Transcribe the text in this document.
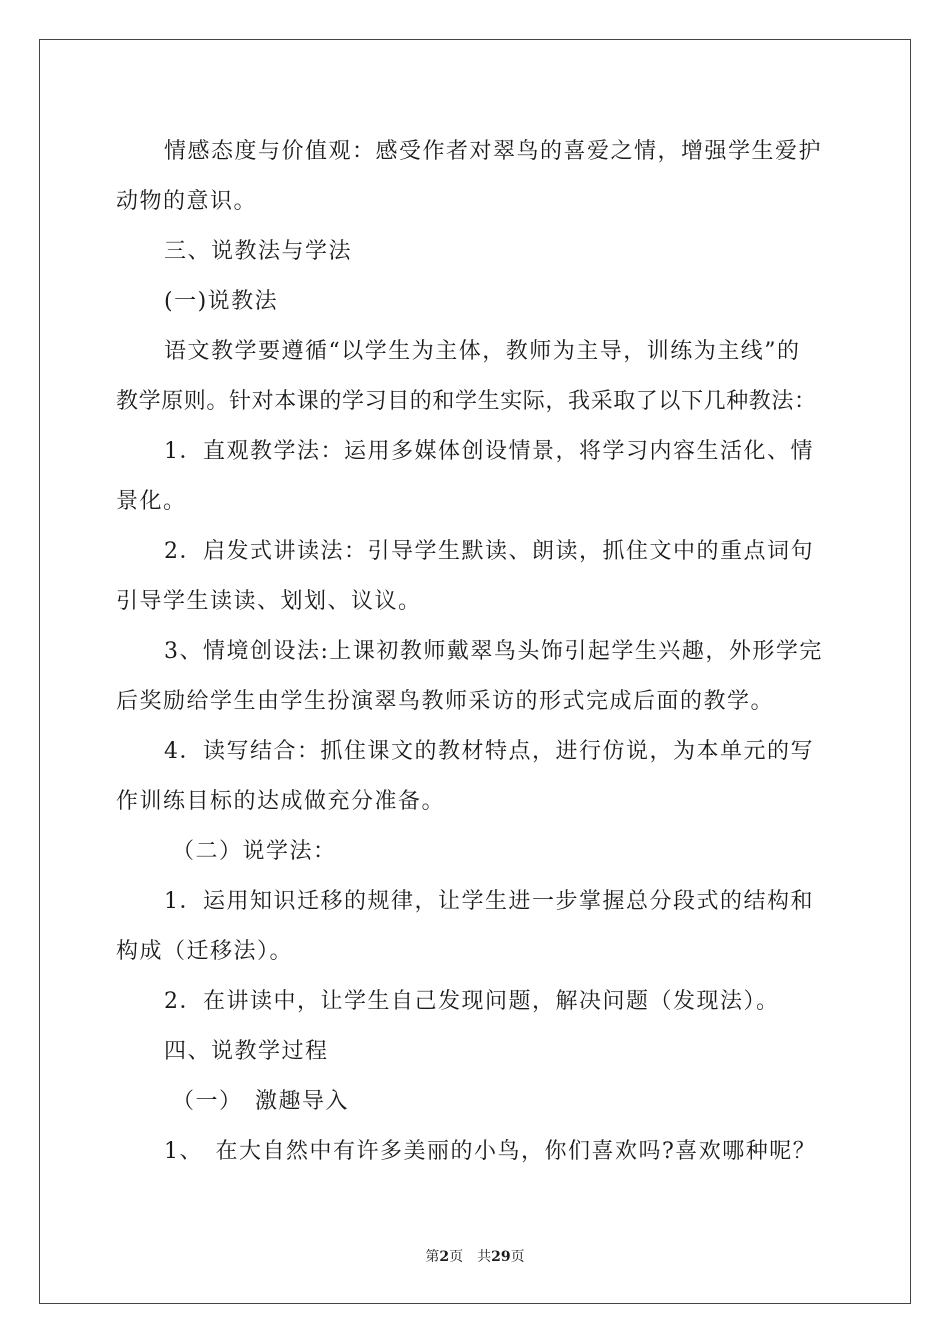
情感态度与价值观：感受作者对翠鸟的喜爱之情，增强学生爱护
动物的意识。
三、说教法与学法
(一)说教法
语文教学要遵循“以学生为主体，教师为主导，训练为主线”的
教学原则。针对本课的学习目的和学生实际，我采取了以下几种教法：
1．直观教学法：运用多媒体创设情景，将学习内容生活化、情
景化。
2．启发式讲读法：引导学生默读、朗读，抓住文中的重点词句
引导学生读读、划划、议议。
3、情境创设法:上课初教师戴翠鸟头饰引起学生兴趣，外形学完
后奖励给学生由学生扮演翠鸟教师采访的形式完成后面的教学。
4．读写结合：抓住课文的教材特点，进行仿说，为本单元的写
作训练目标的达成做充分准备。
（二）说学法：
1．运用知识迁移的规律，让学生进一步掌握总分段式的结构和
构成（迁移法）。
2．在讲读中，让学生自己发现问题，解决问题（发现法）。
四、说教学过程
（一）　激趣导入
1、　在大自然中有许多美丽的小鸟，你们喜欢吗?喜欢哪种呢？
第2页 共29页
